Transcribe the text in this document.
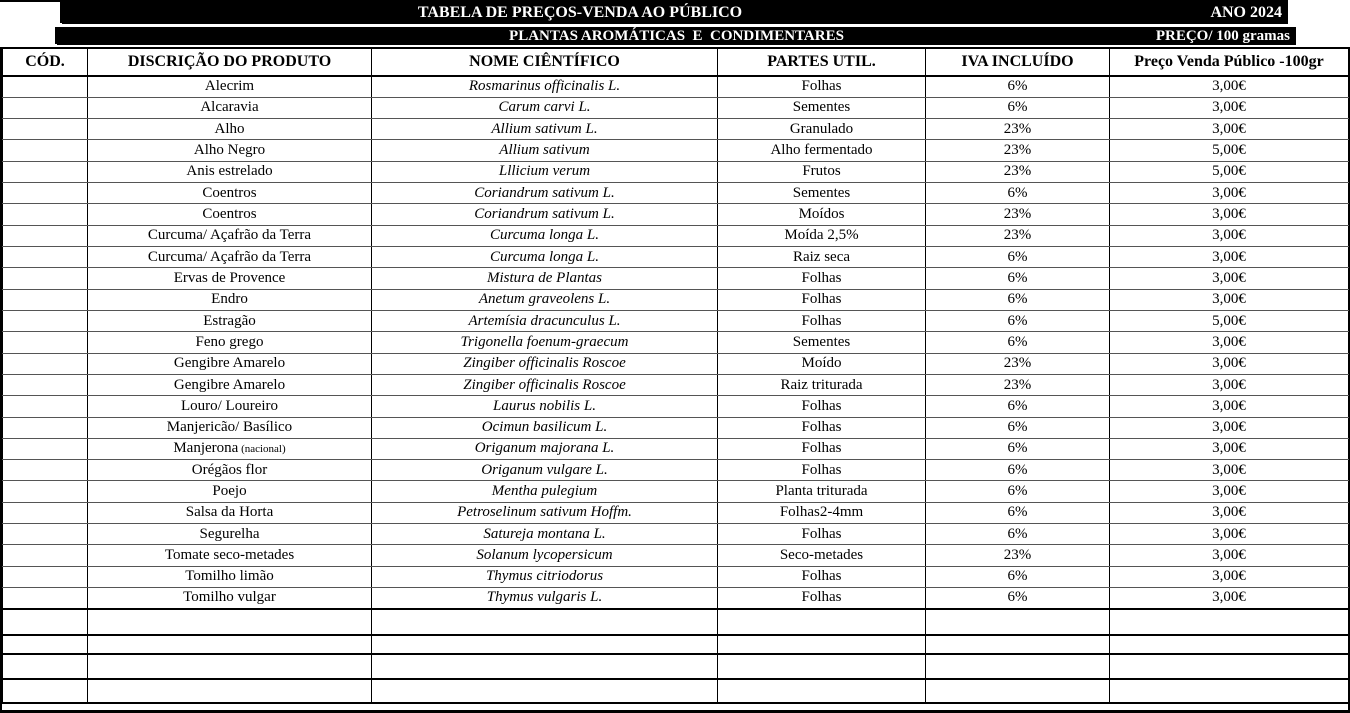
TABELA DE PREÇOS-VENDA AO PÚBLICO	ANO 2024
PLANTAS AROMÁTICAS  E  CONDIMENTARES	PREÇO/ 100 gramas
CÓD.	DISCRIÇÃO DO PRODUTO	NOME CIÊNTÍFICO	PARTES UTIL.	IVA INCLUÍDO	Preço Venda Público -100gr
	Alecrim	Rosmarinus officinalis L.	Folhas	6%	3,00€
	Alcaravia	Carum carvi L.	Sementes	6%	3,00€
	Alho	Allium sativum L.	Granulado	23%	3,00€
	Alho Negro	Allium sativum	Alho fermentado	23%	5,00€
	Anis estrelado	Lllicium verum	Frutos	23%	5,00€
	Coentros	Coriandrum sativum L.	Sementes	6%	3,00€
	Coentros	Coriandrum sativum L.	Moídos	23%	3,00€
	Curcuma/ Açafrão da Terra	Curcuma longa L.	Moída 2,5%	23%	3,00€
	Curcuma/ Açafrão da Terra	Curcuma longa L.	Raiz seca	6%	3,00€
	Ervas de Provence	Mistura de Plantas	Folhas	6%	3,00€
	Endro	Anetum graveolens L.	Folhas	6%	3,00€
	Estragão	Artemísia dracunculus L.	Folhas	6%	5,00€
	Feno grego	Trigonella foenum-graecum	Sementes	6%	3,00€
	Gengibre Amarelo	Zingiber officinalis Roscoe	Moído	23%	3,00€
	Gengibre Amarelo	Zingiber officinalis Roscoe	Raiz triturada	23%	3,00€
	Louro/ Loureiro	Laurus nobilis L.	Folhas	6%	3,00€
	Manjericão/ Basílico	Ocimun basilicum L.	Folhas	6%	3,00€
	Manjerona (nacional)	Origanum majorana L.	Folhas	6%	3,00€
	Orégãos flor	Origanum vulgare L.	Folhas	6%	3,00€
	Poejo	Mentha pulegium	Planta triturada	6%	3,00€
	Salsa da Horta	Petroselinum sativum Hoffm.	Folhas2-4mm	6%	3,00€
	Segurelha	Satureja montana L.	Folhas	6%	3,00€
	Tomate seco-metades	Solanum lycopersicum	Seco-metades	23%	3,00€
	Tomilho limão	Thymus citriodorus	Folhas	6%	3,00€
	Tomilho vulgar	Thymus vulgaris L.	Folhas	6%	3,00€
